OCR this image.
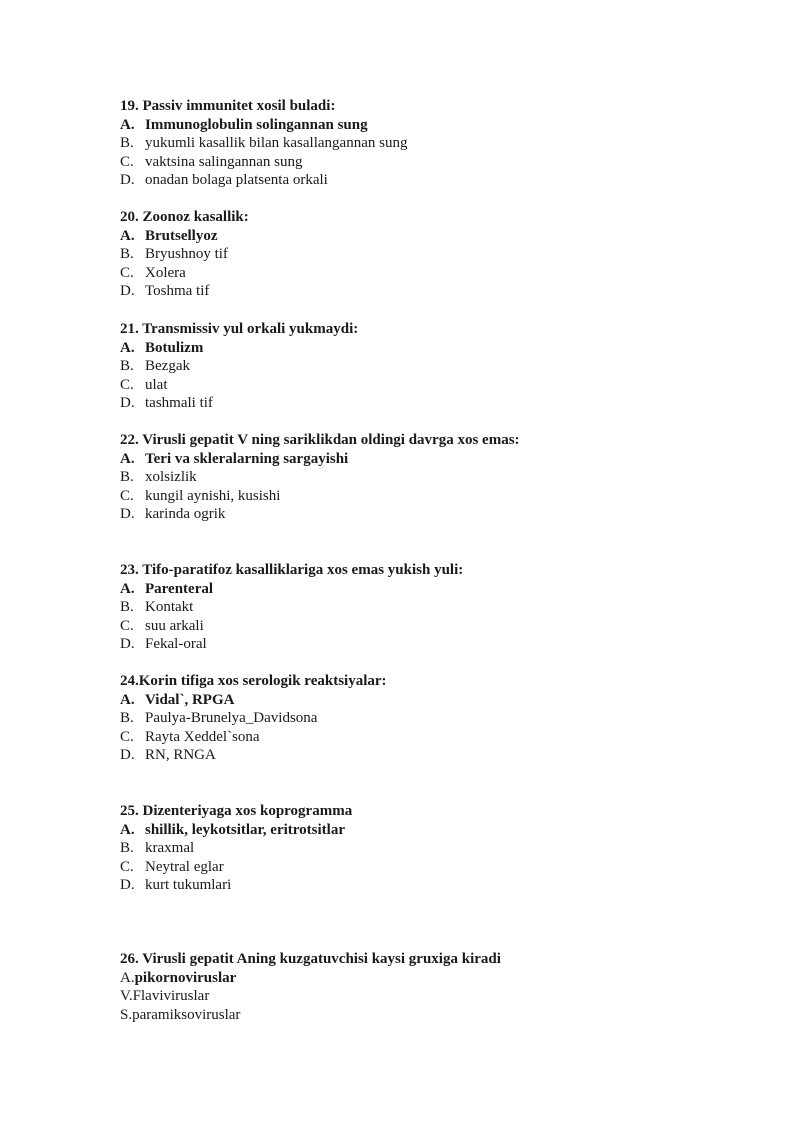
19. Passiv immunitet xosil buladi:
A. Immunoglobulin solingannan sung
B. yukumli kasallik bilan kasallangannan sung
C. vaktsina salingannan sung
D. onadan bolaga platsenta orkali
20. Zoonoz kasallik:
A. Brutsellyoz
B. Bryushnoy tif
C. Xolera
D. Toshma tif
21. Transmissiv yul orkali yukmaydi:
A. Botulizm
B. Bezgak
C. ulat
D. tashmali tif
22. Virusli gepatit V ning sariklikdan oldingi davrga xos emas:
A. Teri va skleralarning sargayishi
B. xolsizlik
C. kungil aynishi, kusishi
D. karinda ogrik
23. Tifo-paratifoz kasalliklariga xos emas yukish yuli:
A. Parenteral
B. Kontakt
C. suu arkali
D. Fekal-oral
24.Korin tifiga xos serologik reaktsiyalar:
A. Vidal`, RPGA
B. Paulya-Brunelya_Davidsona
C. Rayta Xeddel`sona
D. RN, RNGA
25. Dizenteriyaga xos koprogramma
A. shillik, leykotsitlar, eritrotsitlar
B. kraxmal
C. Neytral eglar
D. kurt tukumlari
26. Virusli gepatit Aning kuzgatuvchisi kaysi gruxiga kiradi
A. pikornoviruslar
V. Flaviviruslar
S. paramiksoviruslar
